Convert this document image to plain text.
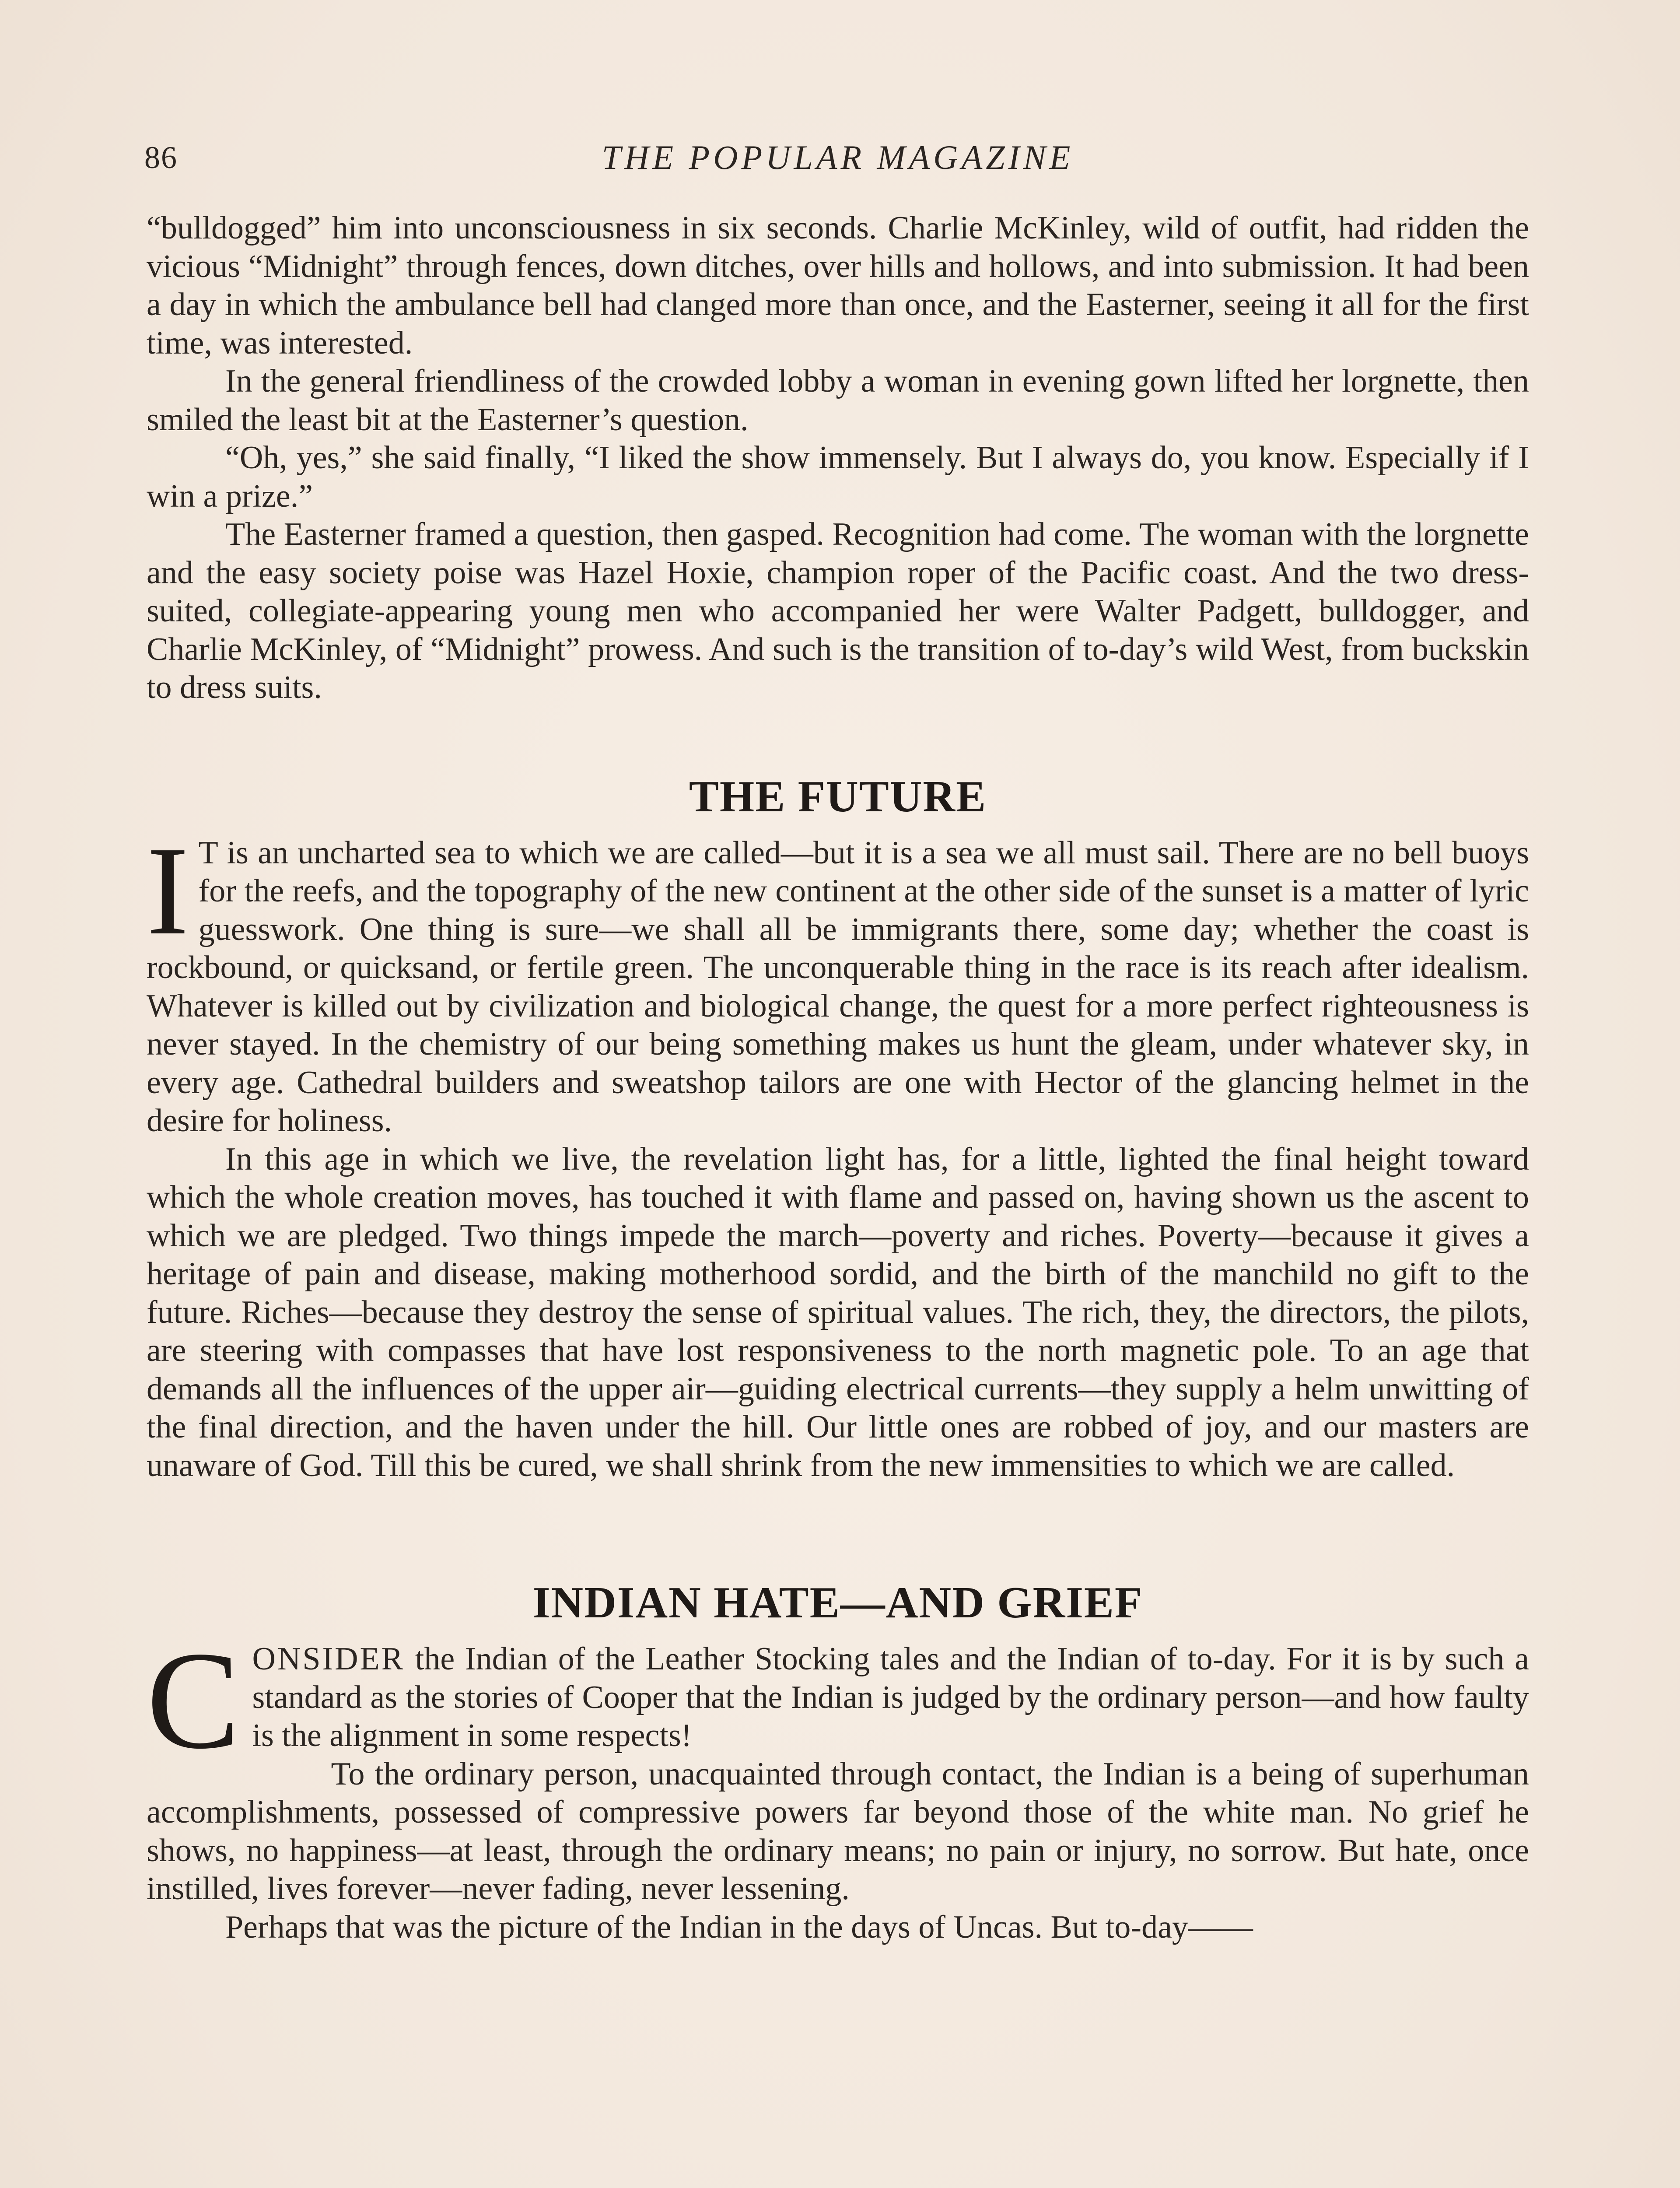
86	THE POPULAR MAGAZINE

“bulldogged” him into unconsciousness in six seconds. Charlie McKinley, wild of outfit, had ridden the vicious “Midnight” through fences, down ditches, over hills and hollows, and into submission. It had been a day in which the ambulance bell had clanged more than once, and the Easterner, seeing it all for the first time, was interested.

In the general friendliness of the crowded lobby a woman in evening gown lifted her lorgnette, then smiled the least bit at the Easterner’s question.

“Oh, yes,” she said finally, “I liked the show immensely. But I always do, you know. Especially if I win a prize.”

The Easterner framed a question, then gasped. Recognition had come. The woman with the lorgnette and the easy society poise was Hazel Hoxie, champion roper of the Pacific coast. And the two dress-suited, collegiate-appearing young men who accompanied her were Walter Padgett, bulldogger, and Charlie McKinley, of “Midnight” prowess. And such is the transition of to-day’s wild West, from buckskin to dress suits.

THE FUTURE

I T is an uncharted sea to which we are called—but it is a sea we all must sail. There are no bell buoys for the reefs, and the topography of the new continent at the other side of the sunset is a matter of lyric guesswork. One thing is sure—we shall all be immigrants there, some day; whether the coast is rockbound, or quicksand, or fertile green. The unconquerable thing in the race is its reach after idealism. Whatever is killed out by civilization and biological change, the quest for a more perfect righteousness is never stayed. In the chemistry of our being something makes us hunt the gleam, under whatever sky, in every age. Cathedral builders and sweatshop tailors are one with Hector of the glancing helmet in the desire for holiness.

In this age in which we live, the revelation light has, for a little, lighted the final height toward which the whole creation moves, has touched it with flame and passed on, having shown us the ascent to which we are pledged. Two things impede the march—poverty and riches. Poverty—because it gives a heritage of pain and disease, making motherhood sordid, and the birth of the manchild no gift to the future. Riches—because they destroy the sense of spiritual values. The rich, they, the directors, the pilots, are steering with compasses that have lost responsiveness to the north magnetic pole. To an age that demands all the influences of the upper air—guiding electrical currents—they supply a helm unwitting of the final direction, and the haven under the hill. Our little ones are robbed of joy, and our masters are unaware of God. Till this be cured, we shall shrink from the new immensities to which we are called.

INDIAN HATE—AND GRIEF

CONSIDER the Indian of the Leather Stocking tales and the Indian of to-day. For it is by such a standard as the stories of Cooper that the Indian is judged by the ordinary person—and how faulty is the alignment in some respects!

To the ordinary person, unacquainted through contact, the Indian is a being of superhuman accomplishments, possessed of compressive powers far beyond those of the white man. No grief he shows, no happiness—at least, through the ordinary means; no pain or injury, no sorrow. But hate, once instilled, lives forever—never fading, never lessening.

Perhaps that was the picture of the Indian in the days of Uncas. But to-day——
